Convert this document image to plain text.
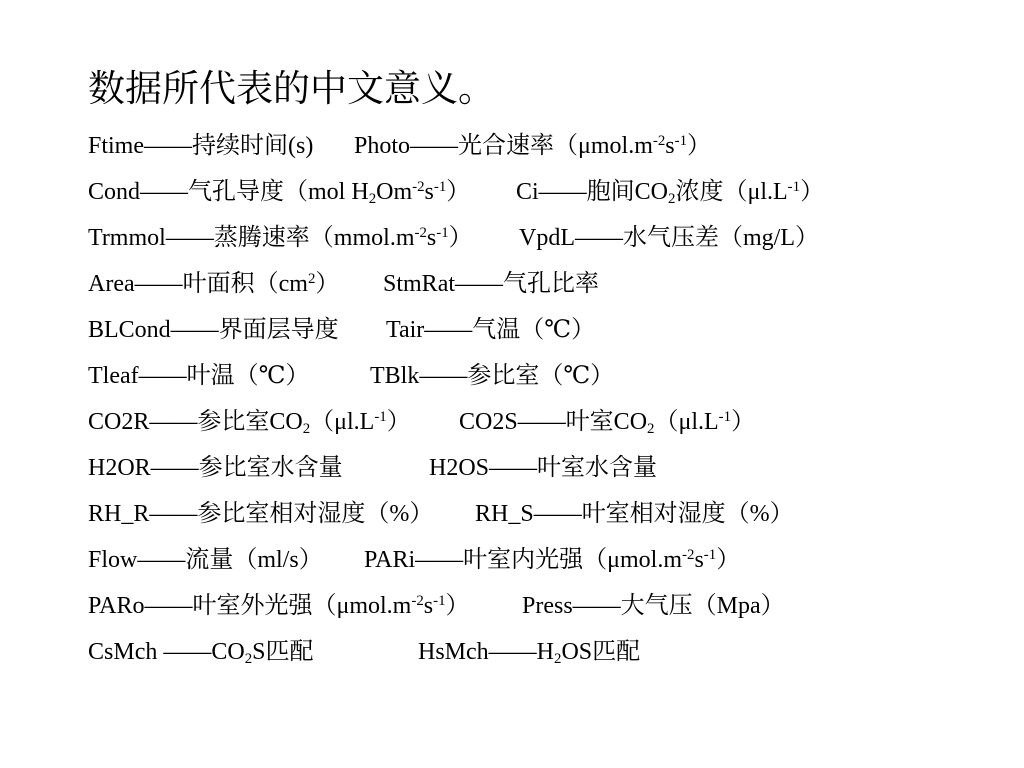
数据所代表的中文意义。
Ftime——持续时间(s) Photo——光合速率$(\mu mol.m^{-2}s^{-1})$
Cond——气孔导度（mol $H_2Om^{-2}s^{-1}$） Ci——胞间$CO_2$浓度$(\mu l.L^{-1})$
Trmmol——蒸腾速率$(mmol.m^{-2}s^{-1})$ VpdL——水气压差（mg/L）
Area——叶面积$(cm^2)$ StmRat——气孔比率
BLCond——界面层导度 Tair——气温（℃）
Tleaf——叶温（℃）	TBlk——参比室（℃）
CO2R——参比室$CO_2(\mu l.L^{-1})$ CO2S——叶室$CO_2(\mu l.L^{-1})$
H2OR——参比室水含量	H2OS——叶室水含量
RH_R——参比室相对湿度（%） RH_S——叶室相对湿度（%）
Flow——流量（ml/s） PARi——叶室内光强$(\mu mol.m^{-2}s^{-1})$
PARo——叶室外光强$(\mu mol.m^{-2}s^{-1})$ Press——大气压（Mpa）
CsMch $——CO_2S$匹配	$HsMch——H_2OS$匹配
